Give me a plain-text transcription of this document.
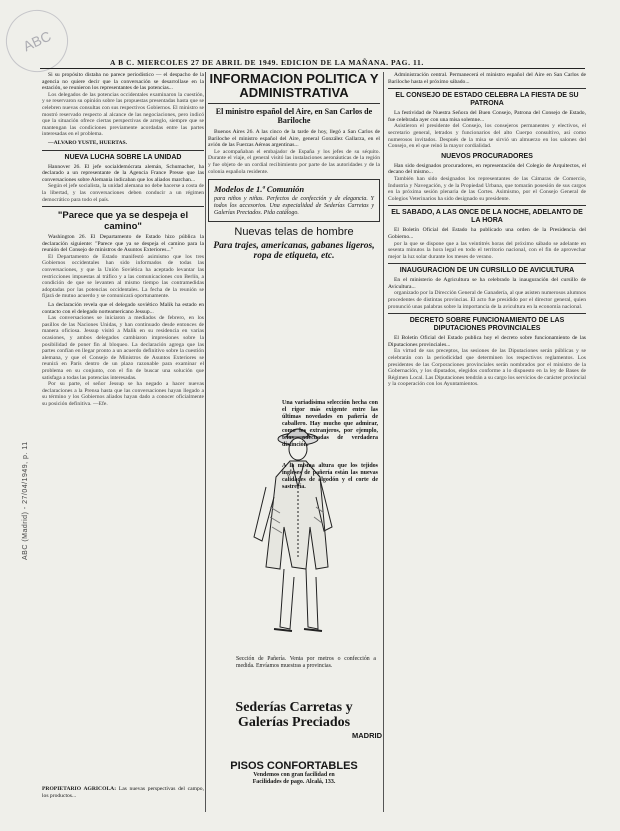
ABC
ABC (Madrid) - 27/04/1949, p. 11
A B C. MIERCOLES 27 DE ABRIL DE 1949. EDICION DE LA MAÑANA. PAG. 11.

Si su propósito distaba no parece periodístico — el despacho de la agencia no quiere decir que la conversación se desarrollase en la estación, se reunieron los representantes de las potencias...

Los delegados de las potencias occidentales examinaron la cuestión, y se reservaron su opinión sobre las propuestas presentadas hasta que se celebren nuevas consultas con sus respectivos Gobiernos. El ministro se mostró reservado respecto al alcance de las negociaciones, pero indicó que la situación ofrece ciertas perspectivas de arreglo, siempre que se mantengan las condiciones previamente acordadas entre las partes interesadas en el problema.

—ALVARO YUSTE, HUERTAS.

NUEVA LUCHA SOBRE LA UNIDAD

Hannover 26. El jefe socialdemócrata alemán, Schumacher, ha declarado a un representante de la Agencia France Presse que las conversaciones sobre Alemania indicaban que los aliados marchan...

Según el jefe socialista, la unidad alemana no debe hacerse a costa de la libertad, y las conversaciones deben conducir a un régimen democrático para todo el país.

"Parece que ya se despeja el camino"

Washington 26. El Departamento de Estado hizo pública la declaración siguiente: "Parece que ya se despeja el camino para la reunión del Consejo de ministros de Asuntos Exteriores..."

El Departamento de Estado manifestó asimismo que los tres Gobiernos occidentales han sido informados de todas las conversaciones, y que la Unión Soviética ha aceptado levantar las restricciones impuestas al tráfico y a las comunicaciones con Berlín, a condición de que se levanten al mismo tiempo las contramedidas adoptadas por las potencias occidentales. La fecha de la reunión se fijará de mutuo acuerdo y se comunicará oportunamente.

La declaración revela que el delegado soviético Malik ha estado en contacto con el delegado norteamericano Jessup...

Las conversaciones se iniciaron a mediados de febrero, en los pasillos de las Naciones Unidas, y han continuado desde entonces de manera oficiosa. Jessup visitó a Malik en su residencia en varias ocasiones, y ambos delegados cambiaron impresiones sobre la posibilidad de poner fin al bloqueo. La declaración agrega que las partes confían en llegar pronto a un acuerdo definitivo sobre la cuestión alemana, y que el Consejo de Ministros de Asuntos Exteriores se reunirá en París dentro de un plazo razonable para examinar el problema en su conjunto, con el fin de buscar una solución que satisfaga a todas las potencias interesadas.

Por su parte, el señor Jessup se ha negado a hacer nuevas declaraciones a la Prensa hasta que las conversaciones hayan llegado a su término y los Gobiernos aliados hayan dado a conocer oficialmente su posición definitiva. —Efe.

PROPIETARIO AGRICOLA: Las nuevas perspectivas del campo, los productos...
INFORMACION POLITICA Y ADMINISTRATIVA
El ministro español del Aire, en San Carlos de Bariloche

Buenos Aires 26. A las cinco de la tarde de hoy, llegó a San Carlos de Bariloche el ministro español del Aire, general González Gallarza, en el avión de las Fuerzas Aéreas argentinas...

Le acompañaban el embajador de España y los jefes de su séquito. Durante el viaje, el general visitó las instalaciones aeronáuticas de la región y fue objeto de un cordial recibimiento por parte de las autoridades y de la colonia española residente.

Modelos de 1.ª Comunión
para niños y niñas. Perfectos de confección y de elegancia. Y todos los accesorios. Una especialidad de Sederías Carretas y Galerías Preciados. Pida catálogo.
Nuevas telas de hombre
Para trajes, americanas, gabanes ligeros, ropa de etiqueta, etc.

Una variadísima selección hecha con el rigor más exigente entre las últimas novedades en pañería de caballero. Hay mucho que admirar, como los extranjeros, por ejemplo, telas adecuadas de verdadera distinción.

A la misma altura que los tejidos ingleses de pañería están las nuevas calidades de algodón y el corte de sastrería.

Sección de Pañería. Venta por metros o confección a medida. Envíamos muestras a provincias.
Sederías Carretas y
Galerías Preciados
MADRID
PISOS CONFORTABLES
Vendemos con gran facilidad en
Facilidades de pago. Alcalá, 133.

Administración central. Permanecerá el ministro español del Aire en San Carlos de Bariloche hasta el próximo sábado...

EL CONSEJO DE ESTADO CELEBRA LA FIESTA DE SU PATRONA

La festividad de Nuestra Señora del Buen Consejo, Patrona del Consejo de Estado, fue celebrada ayer con una misa solemne...

Asistieron el presidente del Consejo, los consejeros permanentes y electivos, el secretario general, letrados y funcionarios del alto Cuerpo consultivo, así como numerosos invitados. Después de la misa se sirvió un almuerzo en los salones del Consejo, en el que reinó la mayor cordialidad.

NUEVOS PROCURADORES

Han sido designados procuradores, en representación del Colegio de Arquitectos, el decano del mismo...

También han sido designados los representantes de las Cámaras de Comercio, Industria y Navegación, y de la Propiedad Urbana, que tomarán posesión de sus cargos en la próxima sesión plenaria de las Cortes. Asimismo, por el Consejo General de Colegios Veterinarios ha sido designado su presidente.

EL SABADO, A LAS ONCE DE LA NOCHE, ADELANTO DE LA HORA

El Boletín Oficial del Estado ha publicado una orden de la Presidencia del Gobierno...

por la que se dispone que a las veintitrés horas del próximo sábado se adelante en sesenta minutos la hora legal en todo el territorio nacional, con el fin de aprovechar mejor la luz solar durante los meses de verano.

INAUGURACION DE UN CURSILLO DE AVICULTURA

En el ministerio de Agricultura se ha celebrado la inauguración del cursillo de Avicultura...

organizado por la Dirección General de Ganadería, al que asisten numerosos alumnos procedentes de distintas provincias. El acto fue presidido por el director general, quien pronunció unas palabras sobre la importancia de la avicultura en la economía nacional.

DECRETO SOBRE FUNCIONAMIENTO DE LAS DIPUTACIONES PROVINCIALES

El Boletín Oficial del Estado publica hoy el decreto sobre funcionamiento de las Diputaciones provinciales...

En virtud de sus preceptos, las sesiones de las Diputaciones serán públicas y se celebrarán con la periodicidad que determinen los respectivos reglamentos. Los presidentes de las Corporaciones provinciales serán nombrados por el ministro de la Gobernación, y los diputados, elegidos conforme a lo dispuesto en la ley de Bases de Régimen Local. Las Diputaciones tendrán a su cargo los servicios de carácter provincial y la cooperación con los Ayuntamientos.
